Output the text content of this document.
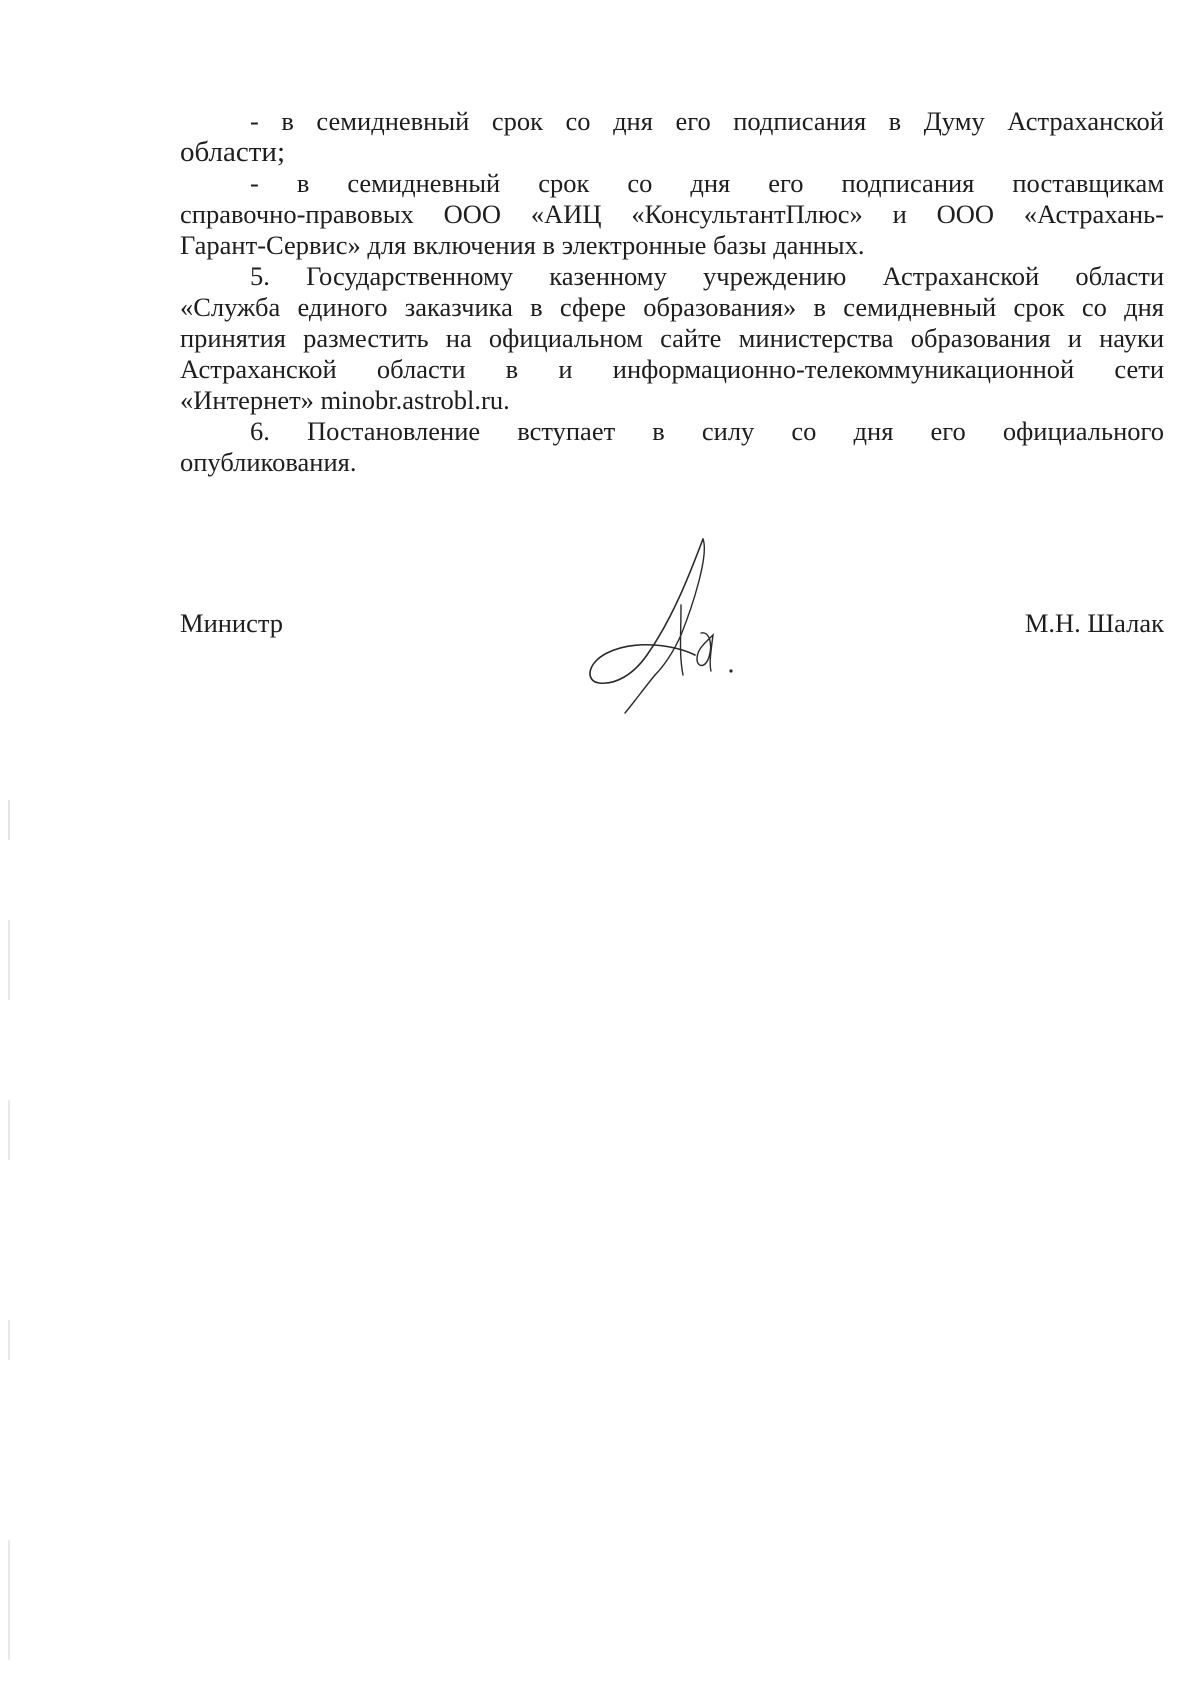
- в семидневный срок со дня его подписания в Думу Астраханской
области;

- в семидневный срок со дня его подписания поставщикам
справочно-правовых ООО «АИЦ «КонсультантПлюс» и ООО «Астрахань-
Гарант-Сервис» для включения в электронные базы данных.

5. Государственному казенному учреждению Астраханской области
«Служба единого заказчика в сфере образования» в семидневный срок со дня
принятия разместить на официальном сайте министерства образования и науки
Астраханской области в и информационно-телекоммуникационной сети
«Интернет» minobr.astrobl.ru.

6. Постановление вступает в силу со дня его официального
опубликования.

Министр	М.Н. Шалак
